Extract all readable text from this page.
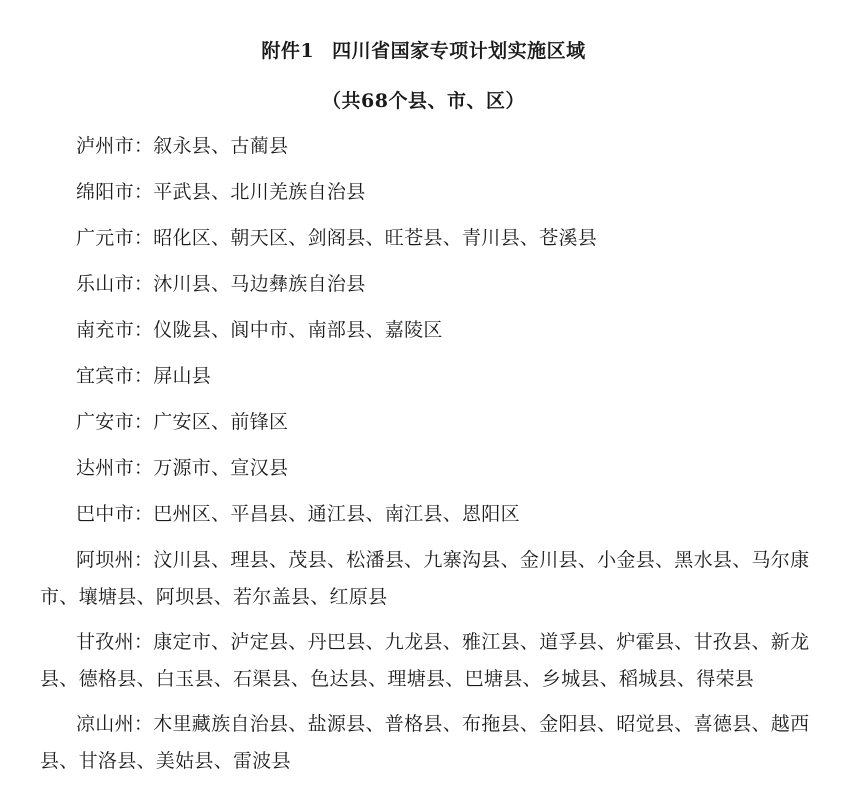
附件1 四川省国家专项计划实施区域
（共68个县、市、区）
泸州市：叙永县、古蔺县
绵阳市：平武县、北川羌族自治县
广元市：昭化区、朝天区、剑阁县、旺苍县、青川县、苍溪县
乐山市：沐川县、马边彝族自治县
南充市：仪陇县、阆中市、南部县、嘉陵区
宜宾市：屏山县
广安市：广安区、前锋区
达州市：万源市、宣汉县
巴中市：巴州区、平昌县、通江县、南江县、恩阳区
阿坝州：汶川县、理县、茂县、松潘县、九寨沟县、金川县、小金县、黑水县、马尔康市、壤塘县、阿坝县、若尔盖县、红原县
甘孜州：康定市、泸定县、丹巴县、九龙县、雅江县、道孚县、炉霍县、甘孜县、新龙县、德格县、白玉县、石渠县、色达县、理塘县、巴塘县、乡城县、稻城县、得荣县
凉山州：木里藏族自治县、盐源县、普格县、布拖县、金阳县、昭觉县、喜德县、越西县、甘洛县、美姑县、雷波县
